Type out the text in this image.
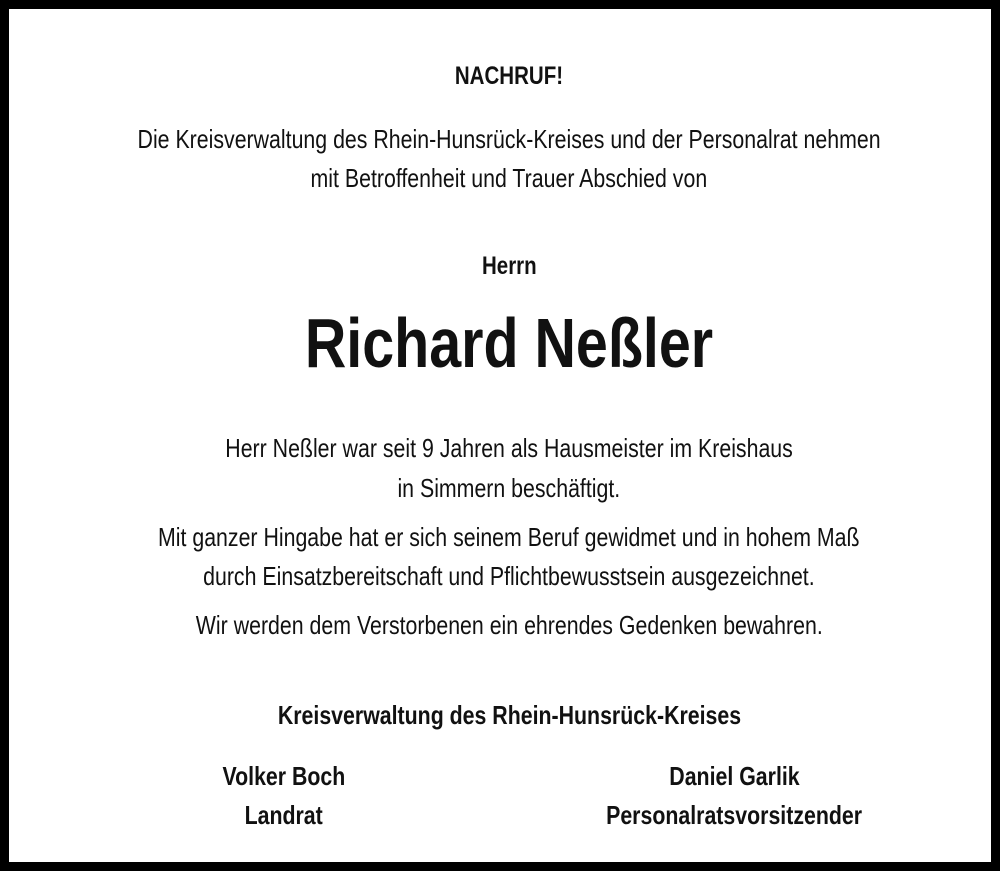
NACHRUF!
Die Kreisverwaltung des Rhein-Hunsrück-Kreises und der Personalrat nehmen
mit Betroffenheit und Trauer Abschied von
Herrn
Richard Neßler
Herr Neßler war seit 9 Jahren als Hausmeister im Kreishaus
in Simmern beschäftigt.
Mit ganzer Hingabe hat er sich seinem Beruf gewidmet und in hohem Maß
durch Einsatzbereitschaft und Pflichtbewusstsein ausgezeichnet.
Wir werden dem Verstorbenen ein ehrendes Gedenken bewahren.
Kreisverwaltung des Rhein-Hunsrück-Kreises
Volker Boch
Landrat
Daniel Garlik
Personalratsvorsitzender
